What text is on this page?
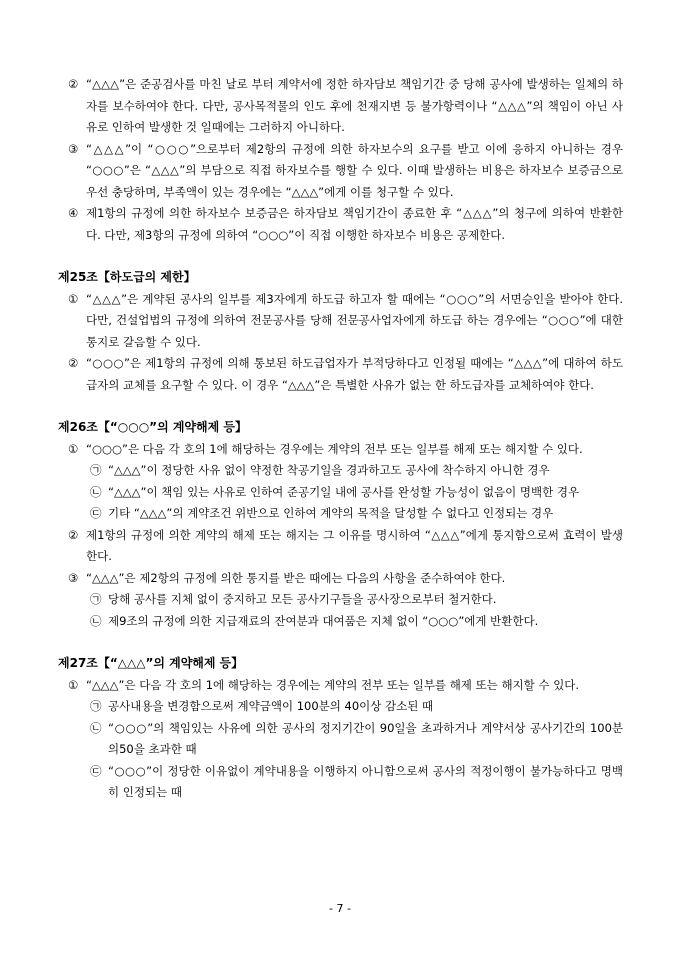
② “△△△”은 준공검사를 마친 날로 부터 계약서에 정한 하자담보 책임기간 중 당해 공사에 발생하는 일체의 하자를 보수하여야 한다. 다만, 공사목적물의 인도 후에 천재지변 등 불가항력이나 “△△△”의 책임이 아닌 사유로 인하여 발생한 것 일때에는 그러하지 아니하다.
③ “△△△”이 “○○○”으로부터 제2항의 규정에 의한 하자보수의 요구를 받고 이에 응하지 아니하는 경우 “○○○”은 “△△△”의 부담으로 직접 하자보수를 행할 수 있다. 이때 발생하는 비용은 하자보수 보증금으로 우선 충당하며, 부족액이 있는 경우에는 “△△△”에게 이를 청구할 수 있다.
④ 제1항의 규정에 의한 하자보수 보증금은 하자담보 책임기간이 종료한 후 “△△△”의 청구에 의하여 반환한다. 다만, 제3항의 규정에 의하여 “○○○”이 직접 이행한 하자보수 비용은 공제한다.
제25조【하도급의 제한】
① “△△△”은 계약된 공사의 일부를 제3자에게 하도급 하고자 할 때에는 “○○○”의 서면승인을 받아야 한다. 다만, 건설업법의 규정에 의하여 전문공사를 당해 전문공사업자에게 하도급 하는 경우에는 “○○○”에 대한 통지로 갈음할 수 있다.
② “○○○”은 제1항의 규정에 의해 통보된 하도급업자가 부적당하다고 인정될 때에는 “△△△”에 대하여 하도급자의 교체를 요구할 수 있다. 이 경우 “△△△”은 특별한 사유가 없는 한 하도급자를 교체하여야 한다.
제26조【“○○○”의 계약해제 등】
① “○○○”은 다음 각 호의 1에 해당하는 경우에는 계약의 전부 또는 일부를 해제 또는 해지할 수 있다.
㉠ “△△△”이 정당한 사유 없이 약정한 착공기일을 경과하고도 공사에 착수하지 아니한 경우
㉡ “△△△”이 책임 있는 사유로 인하여 준공기일 내에 공사를 완성할 가능성이 없음이 명백한 경우
㉢ 기타 “△△△”의 계약조건 위반으로 인하여 계약의 목적을 달성할 수 없다고 인정되는 경우
② 제1항의 규정에 의한 계약의 해제 또는 해지는 그 이유를 명시하여 “△△△”에게 통지함으로써 효력이 발생한다.
③ “△△△”은 제2항의 규정에 의한 통지를 받은 때에는 다음의 사항을 준수하여야 한다.
㉠ 당해 공사를 지체 없이 중지하고 모든 공사기구들을 공사장으로부터 철거한다.
㉡ 제9조의 규정에 의한 지급재료의 잔여분과 대여품은 지체 없이 “○○○”에게 반환한다.
제27조【“△△△”의 계약해제 등】
① “△△△”은 다음 각 호의 1에 해당하는 경우에는 계약의 전부 또는 일부를 해제 또는 해지할 수 있다.
㉠ 공사내용을 변경함으로써 계약금액이 100분의 40이상 감소된 때
㉡ “○○○”의 책임있는 사유에 의한 공사의 정지기간이 90일을 초과하거나 계약서상 공사기간의 100분의50을 초과한 때
㉢ “○○○”이 정당한 이유없이 계약내용을 이행하지 아니함으로써 공사의 적정이행이 불가능하다고 명백히 인정되는 때
- 7 -
